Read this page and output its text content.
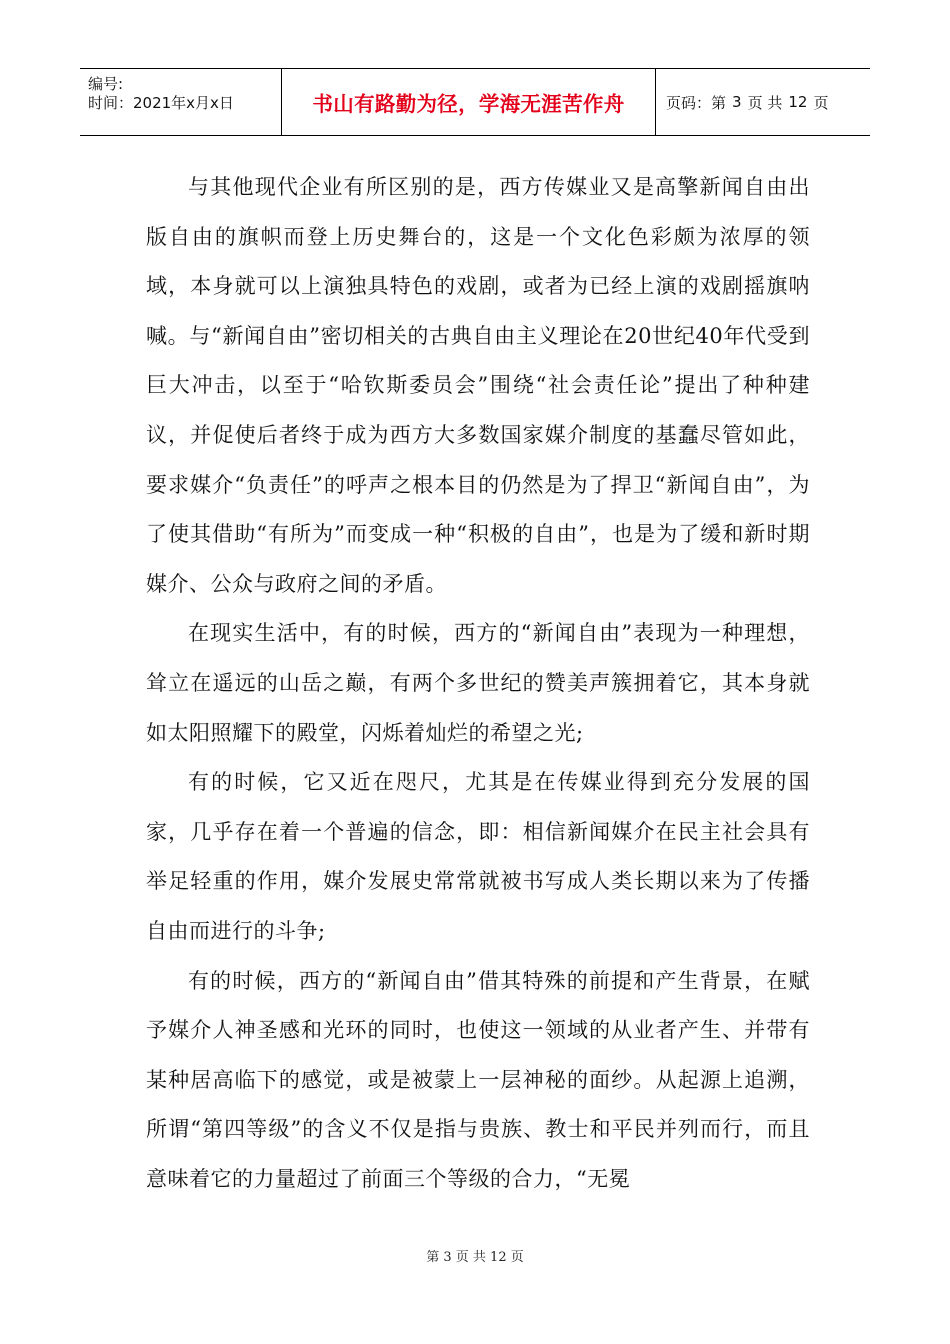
编号:
时间：2021年x月x日	书山有路勤为径，学海无涯苦作舟	页码：第 3 页 共 12 页

与其他现代企业有所区别的是，西方传媒业又是高擎新闻自由出版自由的旗帜而登上历史舞台的，这是一个文化色彩颇为浓厚的领域，本身就可以上演独具特色的戏剧，或者为已经上演的戏剧摇旗呐喊。与“新闻自由”密切相关的古典自由主义理论在20世纪40年代受到巨大冲击，以至于“哈钦斯委员会”围绕“社会责任论”提出了种种建议，并促使后者终于成为西方大多数国家媒介制度的基蠢尽管如此，要求媒介“负责任”的呼声之根本目的仍然是为了捍卫“新闻自由”，为了使其借助“有所为”而变成一种“积极的自由”，也是为了缓和新时期媒介、公众与政府之间的矛盾。

在现实生活中，有的时候，西方的“新闻自由”表现为一种理想，耸立在遥远的山岳之巅，有两个多世纪的赞美声簇拥着它，其本身就如太阳照耀下的殿堂，闪烁着灿烂的希望之光;

有的时候，它又近在咫尺，尤其是在传媒业得到充分发展的国家，几乎存在着一个普遍的信念，即：相信新闻媒介在民主社会具有举足轻重的作用，媒介发展史常常就被书写成人类长期以来为了传播自由而进行的斗争;

有的时候，西方的“新闻自由”借其特殊的前提和产生背景，在赋予媒介人神圣感和光环的同时，也使这一领域的从业者产生、并带有某种居高临下的感觉，或是被蒙上一层神秘的面纱。从起源上追溯，所谓“第四等级”的含义不仅是指与贵族、教士和平民并列而行，而且意味着它的力量超过了前面三个等级的合力，“无冕

第 3 页 共 12 页
